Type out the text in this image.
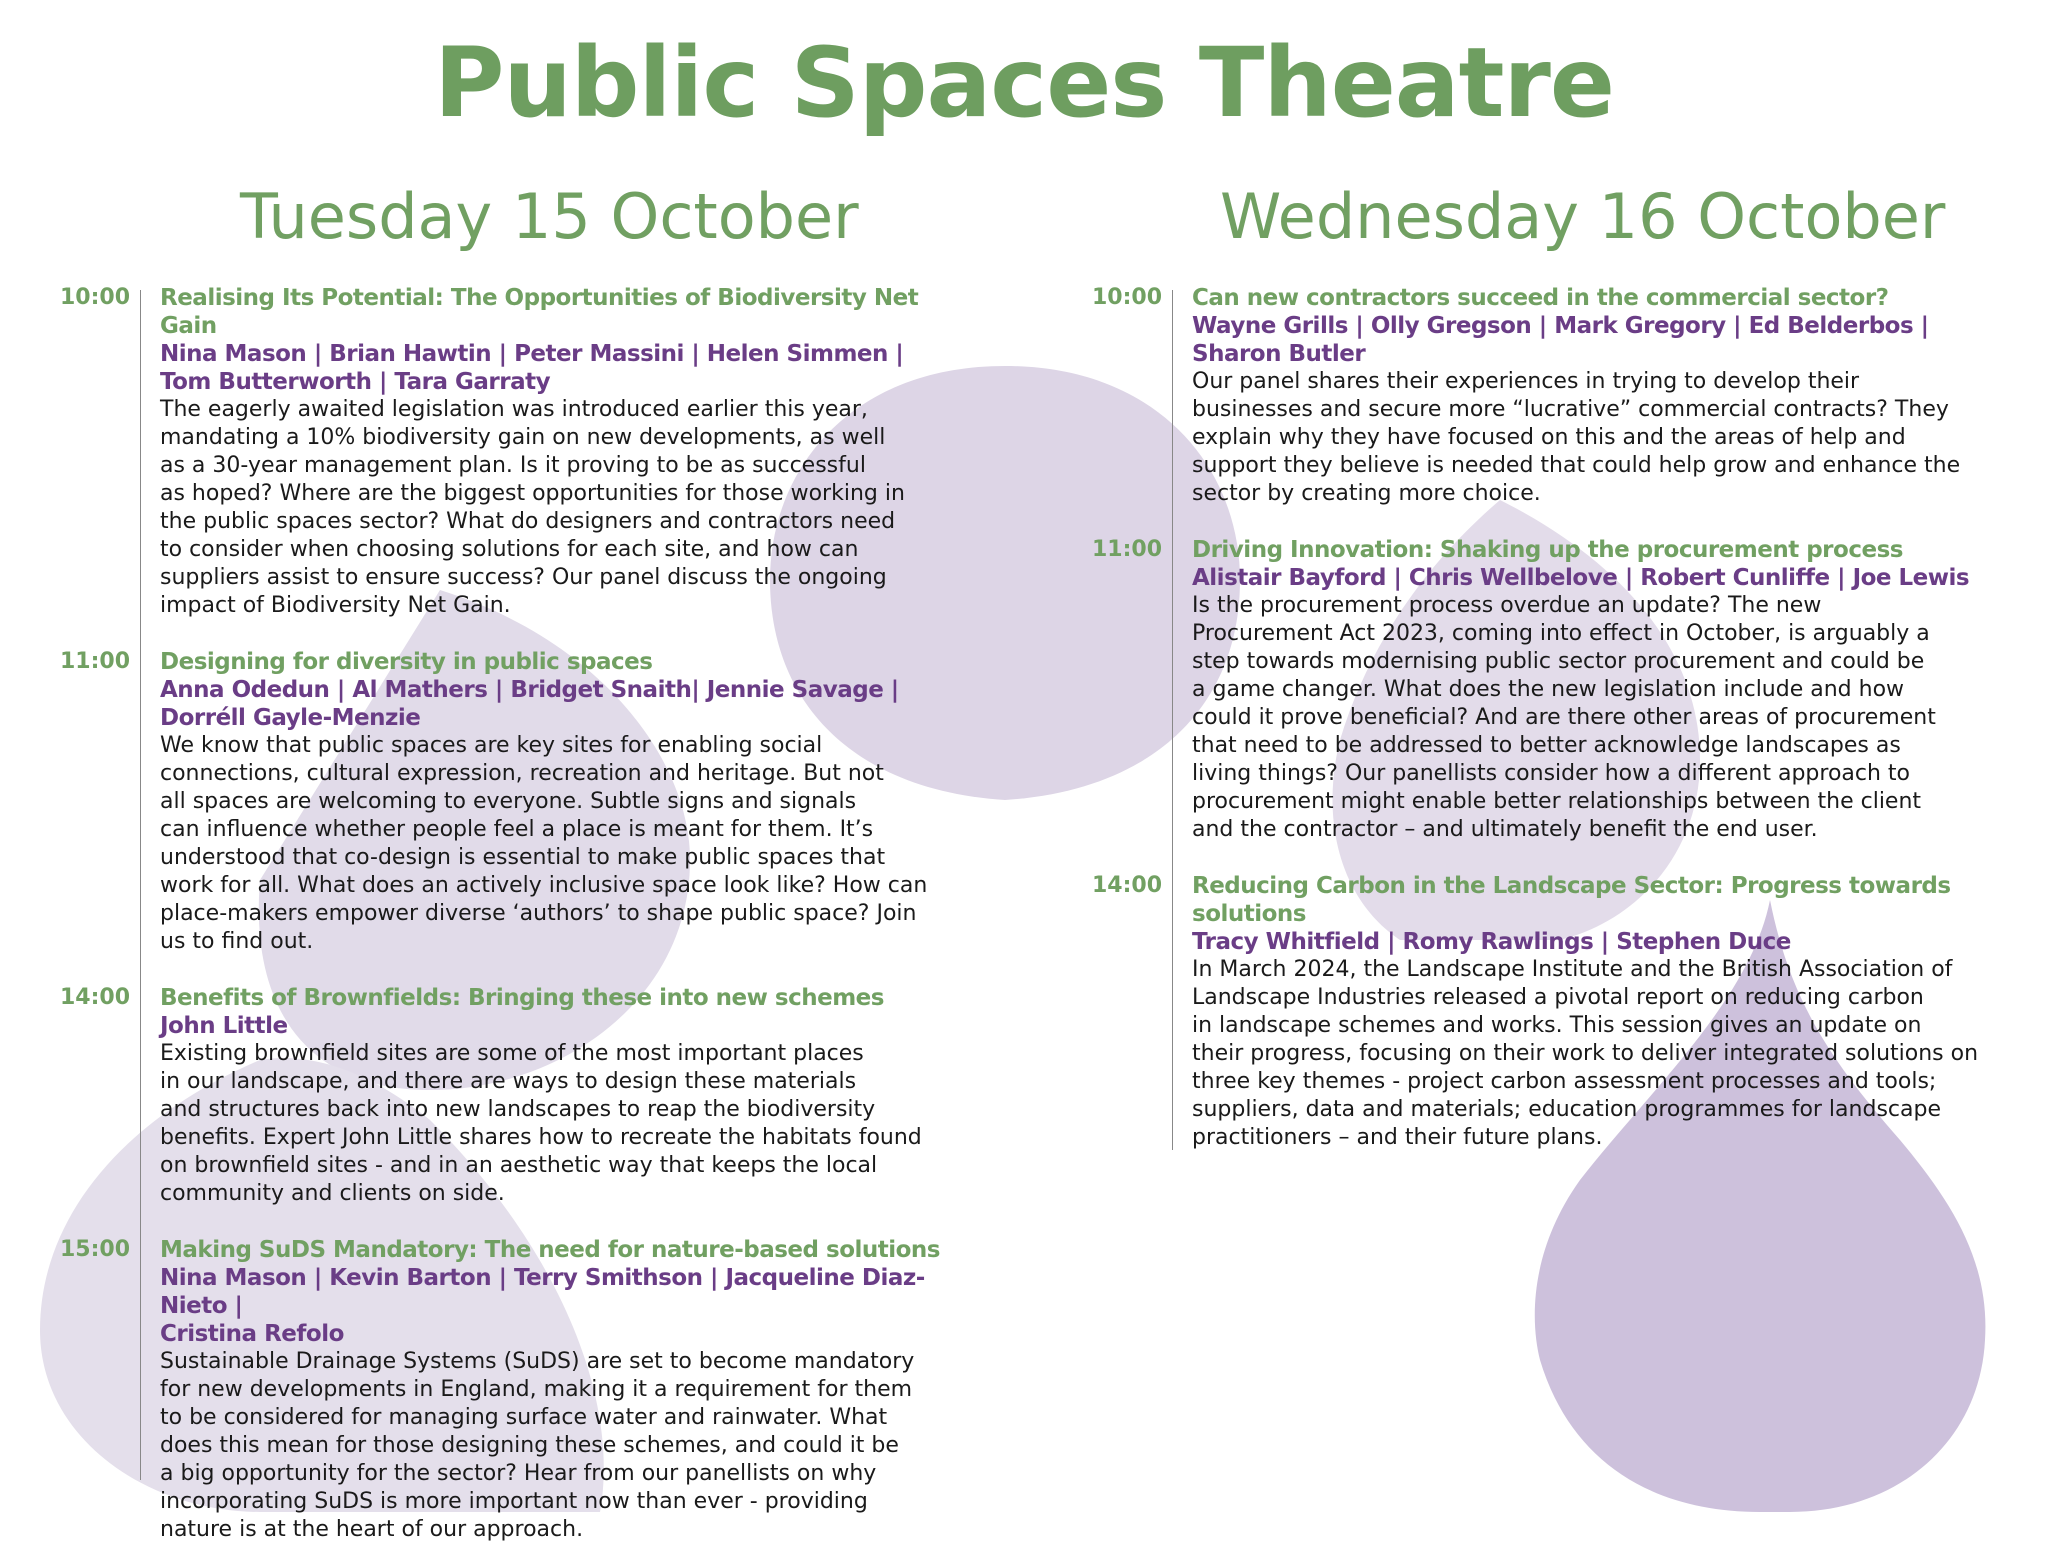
Public Spaces Theatre
Tuesday 15 October	Wednesday 16 October
10:00	Realising Its Potential: The Opportunities of Biodiversity Net Gain
Nina Mason | Brian Hawtin | Peter Massini | Helen Simmen |
Tom Butterworth | Tara Garraty
The eagerly awaited legislation was introduced earlier this year,
mandating a 10% biodiversity gain on new developments, as well
as a 30-year management plan. Is it proving to be as successful
as hoped? Where are the biggest opportunities for those working in
the public spaces sector? What do designers and contractors need
to consider when choosing solutions for each site, and how can
suppliers assist to ensure success? Our panel discuss the ongoing
impact of Biodiversity Net Gain.
11:00	Designing for diversity in public spaces
Anna Odedun | Al Mathers | Bridget Snaith| Jennie Savage |
Dorréll Gayle-Menzie
We know that public spaces are key sites for enabling social
connections, cultural expression, recreation and heritage. But not
all spaces are welcoming to everyone. Subtle signs and signals
can influence whether people feel a place is meant for them. It’s
understood that co-design is essential to make public spaces that
work for all. What does an actively inclusive space look like? How can
place-makers empower diverse ‘authors’ to shape public space? Join
us to find out.
14:00	Benefits of Brownfields: Bringing these into new schemes
John Little
Existing brownfield sites are some of the most important places
in our landscape, and there are ways to design these materials
and structures back into new landscapes to reap the biodiversity
benefits. Expert John Little shares how to recreate the habitats found
on brownfield sites - and in an aesthetic way that keeps the local
community and clients on side.
15:00	Making SuDS Mandatory: The need for nature-based solutions
Nina Mason | Kevin Barton | Terry Smithson | Jacqueline Diaz-Nieto |
Cristina Refolo
Sustainable Drainage Systems (SuDS) are set to become mandatory
for new developments in England, making it a requirement for them
to be considered for managing surface water and rainwater. What
does this mean for those designing these schemes, and could it be
a big opportunity for the sector? Hear from our panellists on why
incorporating SuDS is more important now than ever - providing
nature is at the heart of our approach.
10:00	Can new contractors succeed in the commercial sector?
Wayne Grills | Olly Gregson | Mark Gregory | Ed Belderbos |
Sharon Butler
Our panel shares their experiences in trying to develop their
businesses and secure more “lucrative” commercial contracts? They
explain why they have focused on this and the areas of help and
support they believe is needed that could help grow and enhance the
sector by creating more choice.
11:00	Driving Innovation: Shaking up the procurement process
Alistair Bayford | Chris Wellbelove | Robert Cunliffe | Joe Lewis
Is the procurement process overdue an update? The new
Procurement Act 2023, coming into effect in October, is arguably a
step towards modernising public sector procurement and could be
a game changer. What does the new legislation include and how
could it prove beneficial? And are there other areas of procurement
that need to be addressed to better acknowledge landscapes as
living things? Our panellists consider how a different approach to
procurement might enable better relationships between the client
and the contractor – and ultimately benefit the end user.
14:00	Reducing Carbon in the Landscape Sector: Progress towards
solutions
Tracy Whitfield | Romy Rawlings | Stephen Duce
In March 2024, the Landscape Institute and the British Association of
Landscape Industries released a pivotal report on reducing carbon
in landscape schemes and works. This session gives an update on
their progress, focusing on their work to deliver integrated solutions on
three key themes - project carbon assessment processes and tools;
suppliers, data and materials; education programmes for landscape
practitioners – and their future plans.
